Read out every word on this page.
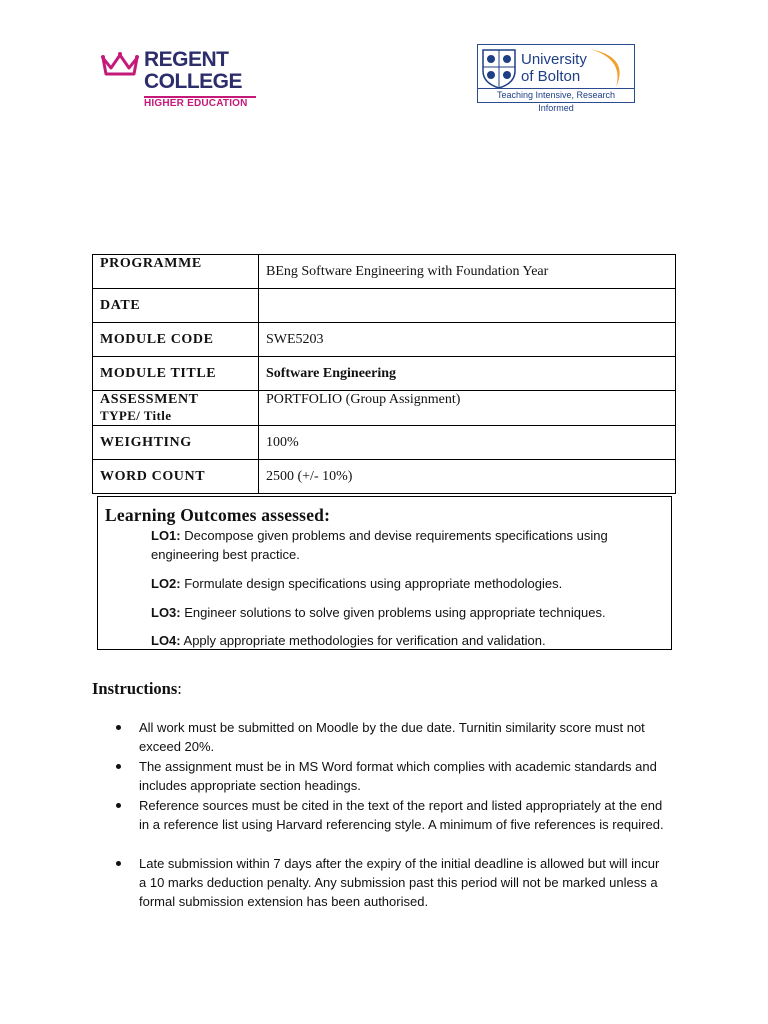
REGENT
COLLEGE
HIGHER EDUCATION
University
of Bolton
Teaching Intensive, Research Informed
PROGRAMME	BEng Software Engineering with Foundation Year
DATE	
MODULE CODE	SWE5203
MODULE TITLE	Software Engineering
ASSESSMENT
TYPE/ Title	PORTFOLIO (Group Assignment)
WEIGHTING	100%
WORD COUNT	2500 (+/- 10%)
Learning Outcomes assessed:
LO1: Decompose given problems and devise requirements specifications using engineering best practice.
LO2: Formulate design specifications using appropriate methodologies.
LO3: Engineer solutions to solve given problems using appropriate techniques.
LO4: Apply appropriate methodologies for verification and validation.
Instructions:
All work must be submitted on Moodle by the due date. Turnitin similarity score must not exceed 20%.
The assignment must be in MS Word format which complies with academic standards and includes appropriate section headings.
Reference sources must be cited in the text of the report and listed appropriately at the end in a reference list using Harvard referencing style. A minimum of five references is required.
Late submission within 7 days after the expiry of the initial deadline is allowed but will incur a 10 marks deduction penalty. Any submission past this period will not be marked unless a formal submission extension has been authorised.
